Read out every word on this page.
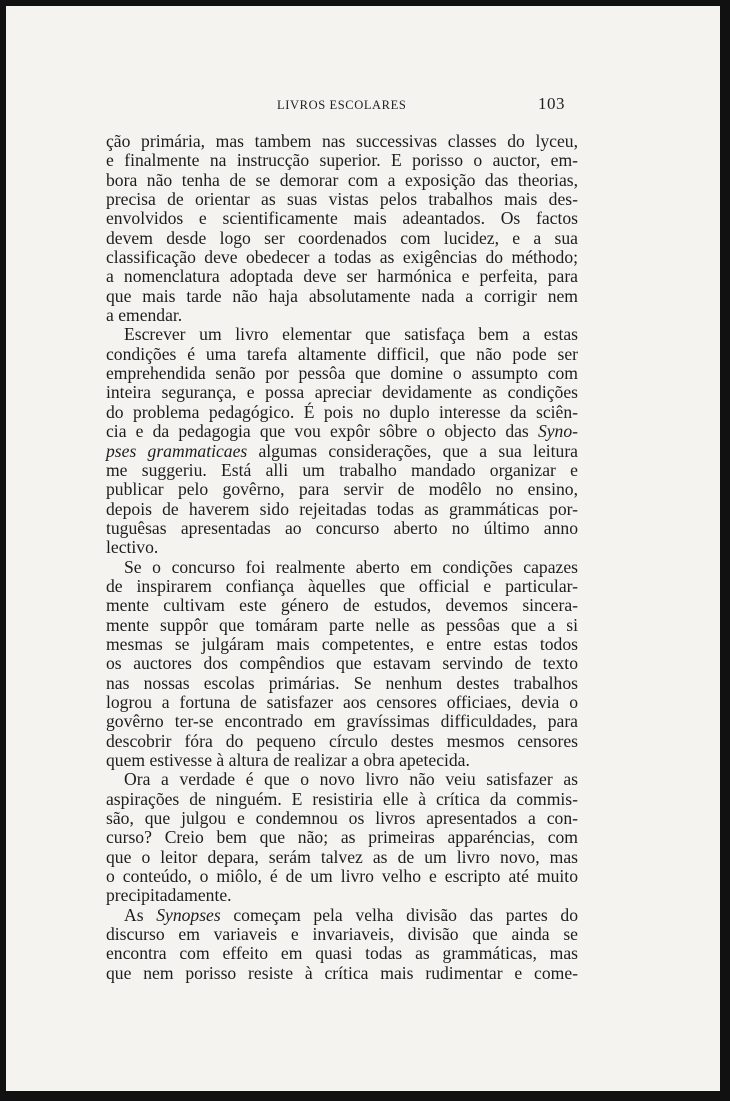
LIVROS ESCOLARES	103
ção primária, mas tambem nas successivas classes do lyceu,
e finalmente na instrucção superior. E porisso o auctor, em-
bora não tenha de se demorar com a exposição das theorias,
precisa de orientar as suas vistas pelos trabalhos mais des-
envolvidos e scientificamente mais adeantados. Os factos
devem desde logo ser coordenados com lucidez, e a sua
classificação deve obedecer a todas as exigências do méthodo;
a nomenclatura adoptada deve ser harmónica e perfeita, para
que mais tarde não haja absolutamente nada a corrigir nem
a emendar.
Escrever um livro elementar que satisfaça bem a estas
condições é uma tarefa altamente difficil, que não pode ser
emprehendida senão por pessôa que domine o assumpto com
inteira segurança, e possa apreciar devidamente as condições
do problema pedagógico. É pois no duplo interesse da sciên-
cia e da pedagogia que vou expôr sôbre o objecto das Syno-
pses grammaticaes algumas considerações, que a sua leitura
me suggeriu. Está alli um trabalho mandado organizar e
publicar pelo govêrno, para servir de modêlo no ensino,
depois de haverem sido rejeitadas todas as grammáticas por-
tuguêsas apresentadas ao concurso aberto no último anno
lectivo.
Se o concurso foi realmente aberto em condições capazes
de inspirarem confiança àquelles que official e particular-
mente cultivam este género de estudos, devemos sincera-
mente suppôr que tomáram parte nelle as pessôas que a si
mesmas se julgáram mais competentes, e entre estas todos
os auctores dos compêndios que estavam servindo de texto
nas nossas escolas primárias. Se nenhum destes trabalhos
logrou a fortuna de satisfazer aos censores officiaes, devia o
govêrno ter-se encontrado em gravíssimas difficuldades, para
descobrir fóra do pequeno círculo destes mesmos censores
quem estivesse à altura de realizar a obra apetecida.
Ora a verdade é que o novo livro não veiu satisfazer as
aspirações de ninguém. E resistiria elle à crítica da commis-
são, que julgou e condemnou os livros apresentados a con-
curso? Creio bem que não; as primeiras apparéncias, com
que o leitor depara, serám talvez as de um livro novo, mas
o conteúdo, o miôlo, é de um livro velho e escripto até muito
precipitadamente.
As Synopses começam pela velha divisão das partes do
discurso em variaveis e invariaveis, divisão que ainda se
encontra com effeito em quasi todas as grammáticas, mas
que nem porisso resiste à crítica mais rudimentar e come-
